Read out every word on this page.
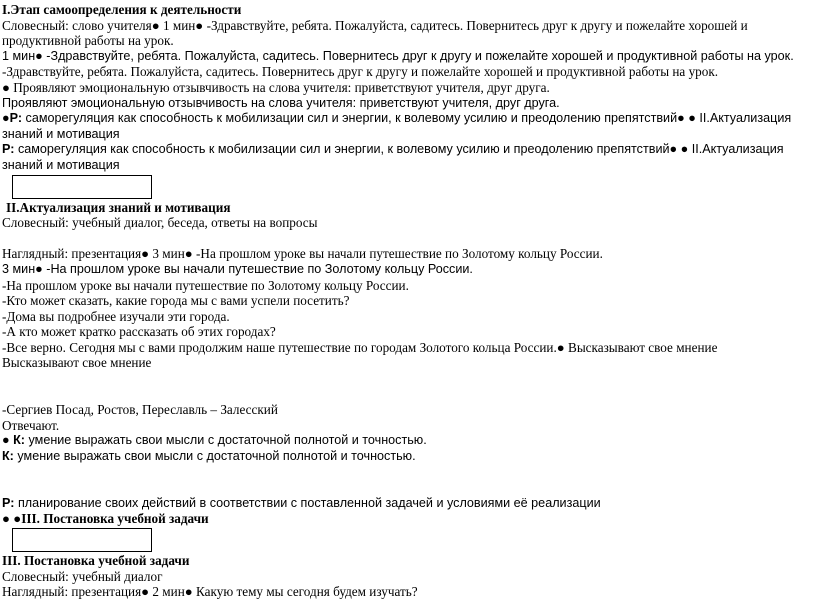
I.Этап самоопределения к деятельности
Словесный: слово учителя● 1 мин● -Здравствуйте, ребята. Пожалуйста, садитесь. Повернитесь друг к другу и пожелайте хорошей и продуктивной работы на урок.
1 мин● -Здравствуйте, ребята. Пожалуйста, садитесь. Повернитесь друг к другу и пожелайте хорошей и продуктивной работы на урок.
-Здравствуйте, ребята. Пожалуйста, садитесь. Повернитесь друг к другу и пожелайте хорошей и продуктивной работы на урок.
● Проявляют эмоциональную отзывчивость на слова учителя: приветствуют учителя, друг друга.
Проявляют эмоциональную отзывчивость на слова учителя: приветствуют учителя, друг друга.
●Р: саморегуляция как способность к мобилизации сил и энергии, к волевому усилию и преодолению препятствий● ● II.Актуализация знаний и мотивация
Р: саморегуляция как способность к мобилизации сил и энергии, к волевому усилию и преодолению препятствий● ● II.Актуализация знаний и мотивация
II.Актуализация знаний и мотивация
Словесный: учебный диалог, беседа, ответы на вопросы
Наглядный: презентация● 3 мин● -На прошлом уроке вы начали путешествие по Золотому кольцу России.
3 мин● -На прошлом уроке вы начали путешествие по Золотому кольцу России.
-На прошлом уроке вы начали путешествие по Золотому кольцу России.
-Кто может сказать, какие города мы с вами успели посетить?
-Дома вы подробнее изучали эти города.
-А кто может кратко рассказать об этих городах?
-Все верно. Сегодня мы с вами продолжим наше путешествие по городам Золотого кольца России.● Высказывают свое мнение
Высказывают свое мнение
-Сергиев Посад, Ростов, Переславль – Залесский
Отвечают.
● К: умение выражать свои мысли с достаточной полнотой и точностью.
К: умение выражать свои мысли с достаточной полнотой и точностью.
Р: планирование своих действий в соответствии с поставленной задачей и условиями её реализации
● ●III. Постановка учебной задачи
III. Постановка учебной задачи
Словесный: учебный диалог
Наглядный: презентация● 2 мин● Какую тему мы сегодня будем изучать?
